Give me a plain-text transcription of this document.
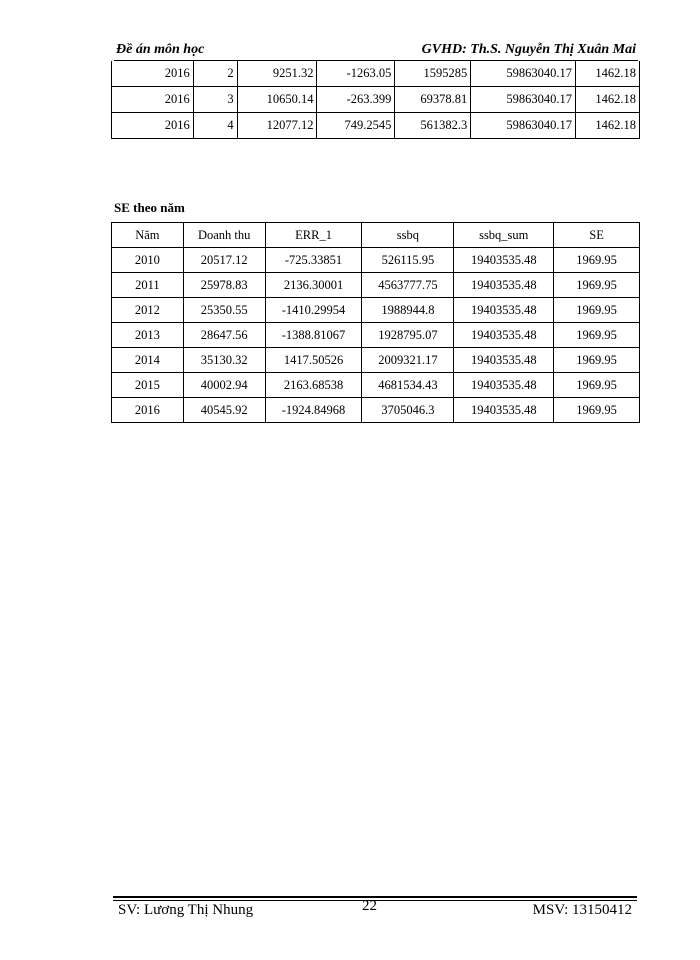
Đề án môn học	GVHD: Th.S. Nguyễn Thị Xuân Mai
2016	2	9251.32	-1263.05	1595285	59863040.17	1462.18
2016	3	10650.14	-263.399	69378.81	59863040.17	1462.18
2016	4	12077.12	749.2545	561382.3	59863040.17	1462.18
SE theo năm
Năm	Doanh thu	ERR_1	ssbq	ssbq_sum	SE
2010	20517.12	-725.33851	526115.95	19403535.48	1969.95
2011	25978.83	2136.30001	4563777.75	19403535.48	1969.95
2012	25350.55	-1410.29954	1988944.8	19403535.48	1969.95
2013	28647.56	-1388.81067	1928795.07	19403535.48	1969.95
2014	35130.32	1417.50526	2009321.17	19403535.48	1969.95
2015	40002.94	2163.68538	4681534.43	19403535.48	1969.95
2016	40545.92	-1924.84968	3705046.3	19403535.48	1969.95
SV: Lương Thị Nhung	22	MSV: 13150412
